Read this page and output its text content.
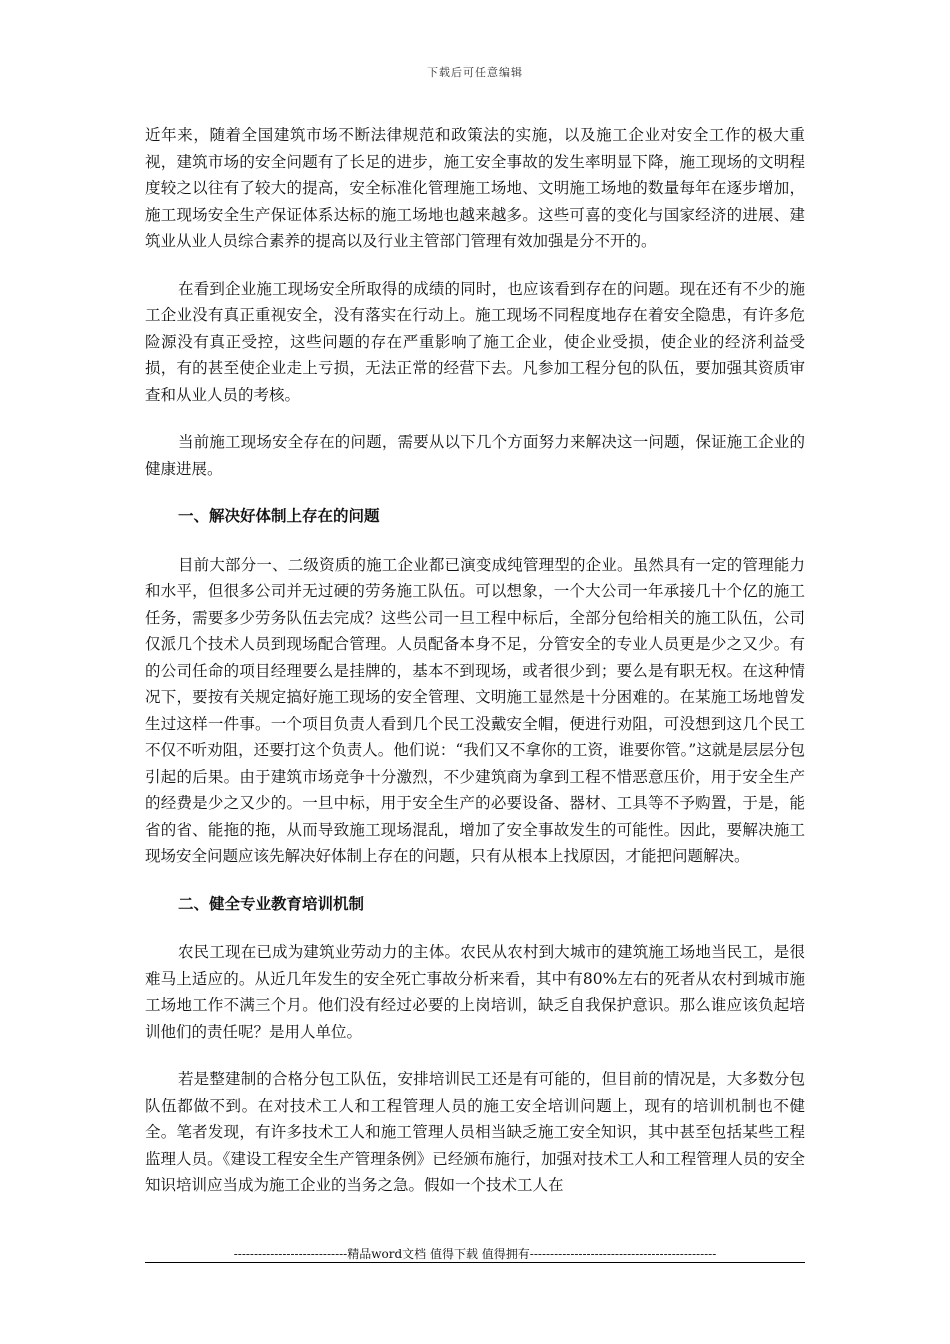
下载后可任意编辑

近年来，随着全国建筑市场不断法律规范和政策法的实施，以及施工企业对安全工作的极大重视，建筑市场的安全问题有了长足的进步，施工安全事故的发生率明显下降，施工现场的文明程度较之以往有了较大的提高，安全标准化管理施工场地、文明施工场地的数量每年在逐步增加，施工现场安全生产保证体系达标的施工场地也越来越多。这些可喜的变化与国家经济的进展、建筑业从业人员综合素养的提高以及行业主管部门管理有效加强是分不开的。

在看到企业施工现场安全所取得的成绩的同时，也应该看到存在的问题。现在还有不少的施工企业没有真正重视安全，没有落实在行动上。施工现场不同程度地存在着安全隐患，有许多危险源没有真正受控，这些问题的存在严重影响了施工企业，使企业受损，使企业的经济利益受损，有的甚至使企业走上亏损，无法正常的经营下去。凡参加工程分包的队伍，要加强其资质审查和从业人员的考核。

当前施工现场安全存在的问题，需要从以下几个方面努力来解决这一问题，保证施工企业的健康进展。

一、解决好体制上存在的问题

目前大部分一、二级资质的施工企业都已演变成纯管理型的企业。虽然具有一定的管理能力和水平，但很多公司并无过硬的劳务施工队伍。可以想象，一个大公司一年承接几十个亿的施工任务，需要多少劳务队伍去完成？这些公司一旦工程中标后，全部分包给相关的施工队伍，公司仅派几个技术人员到现场配合管理。人员配备本身不足，分管安全的专业人员更是少之又少。有的公司任命的项目经理要么是挂牌的，基本不到现场，或者很少到；要么是有职无权。在这种情况下，要按有关规定搞好施工现场的安全管理、文明施工显然是十分困难的。在某施工场地曾发生过这样一件事。一个项目负责人看到几个民工没戴安全帽，便进行劝阻，可没想到这几个民工不仅不听劝阻，还要打这个负责人。他们说：“我们又不拿你的工资，谁要你管。”这就是层层分包引起的后果。由于建筑市场竞争十分激烈，不少建筑商为拿到工程不惜恶意压价，用于安全生产的经费是少之又少的。一旦中标，用于安全生产的必要设备、器材、工具等不予购置，于是，能省的省、能拖的拖，从而导致施工现场混乱，增加了安全事故发生的可能性。因此，要解决施工现场安全问题应该先解决好体制上存在的问题，只有从根本上找原因，才能把问题解决。

二、健全专业教育培训机制

农民工现在已成为建筑业劳动力的主体。农民从农村到大城市的建筑施工场地当民工，是很难马上适应的。从近几年发生的安全死亡事故分析来看，其中有80%左右的死者从农村到城市施工场地工作不满三个月。他们没有经过必要的上岗培训，缺乏自我保护意识。那么谁应该负起培训他们的责任呢？是用人单位。

若是整建制的合格分包工队伍，安排培训民工还是有可能的，但目前的情况是，大多数分包队伍都做不到。在对技术工人和工程管理人员的施工安全培训问题上，现有的培训机制也不健全。笔者发现，有许多技术工人和施工管理人员相当缺乏施工安全知识，其中甚至包括某些工程监理人员。《建设工程安全生产管理条例》已经颁布施行，加强对技术工人和工程管理人员的安全知识培训应当成为施工企业的当务之急。假如一个技术工人在

----------------------------精品word文档 值得下载 值得拥有----------------------------------------------
